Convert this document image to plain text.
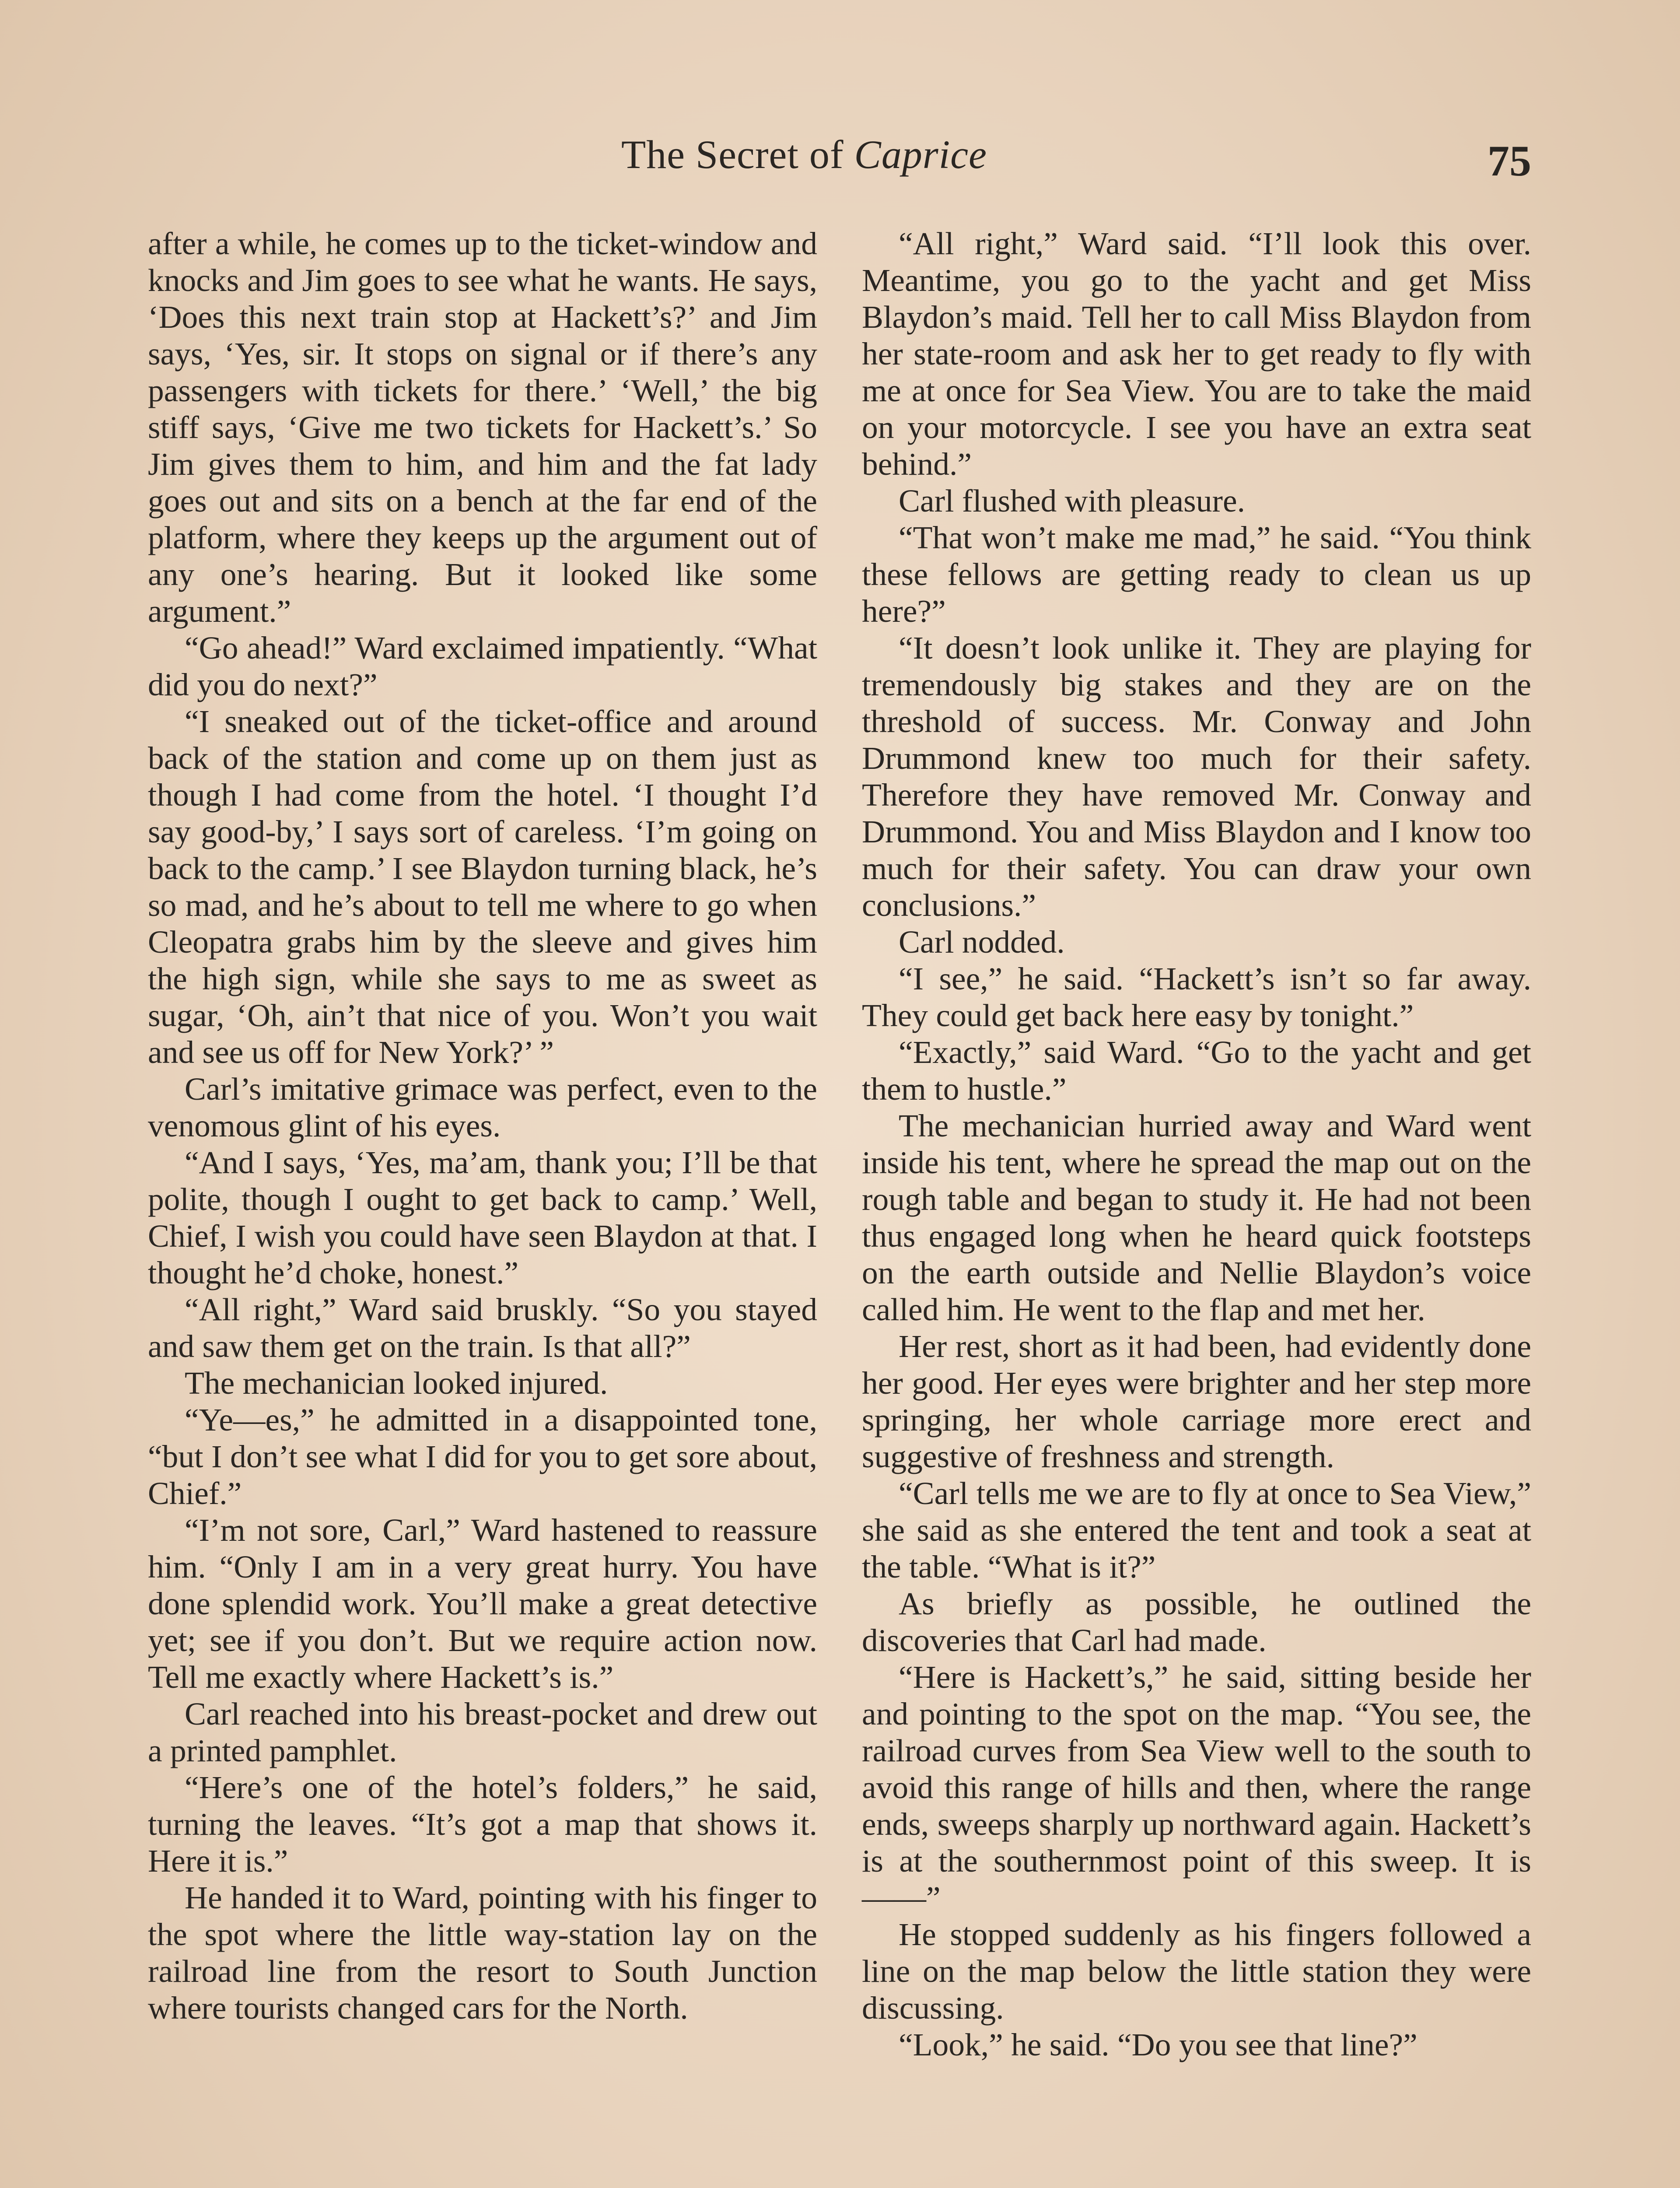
The Secret of Caprice	75

after a while, he comes up to the ticket-window and knocks and Jim goes to see what he wants. He says, ‘Does this next train stop at Hackett’s?’ and Jim says, ‘Yes, sir. It stops on signal or if there’s any passengers with tickets for there.’ ‘Well,’ the big stiff says, ‘Give me two tickets for Hackett’s.’ So Jim gives them to him, and him and the fat lady goes out and sits on a bench at the far end of the platform, where they keeps up the argument out of any one’s hearing. But it looked like some argument.”

“Go ahead!” Ward exclaimed impatiently. “What did you do next?”

“I sneaked out of the ticket-office and around back of the station and come up on them just as though I had come from the hotel. ‘I thought I’d say good-by,’ I says sort of careless. ‘I’m going on back to the camp.’ I see Blaydon turning black, he’s so mad, and he’s about to tell me where to go when Cleopatra grabs him by the sleeve and gives him the high sign, while she says to me as sweet as sugar, ‘Oh, ain’t that nice of you. Won’t you wait and see us off for New York?’ ”

Carl’s imitative grimace was perfect, even to the venomous glint of his eyes.

“And I says, ‘Yes, ma’am, thank you; I’ll be that polite, though I ought to get back to camp.’ Well, Chief, I wish you could have seen Blaydon at that. I thought he’d choke, honest.”

“All right,” Ward said bruskly. “So you stayed and saw them get on the train. Is that all?”

The mechanician looked injured.

“Ye—es,” he admitted in a disappointed tone, “but I don’t see what I did for you to get sore about, Chief.”

“I’m not sore, Carl,” Ward hastened to reassure him. “Only I am in a very great hurry. You have done splendid work. You’ll make a great detective yet; see if you don’t. But we require action now. Tell me exactly where Hackett’s is.”

Carl reached into his breast-pocket and drew out a printed pamphlet.

“Here’s one of the hotel’s folders,” he said, turning the leaves. “It’s got a map that shows it. Here it is.”

He handed it to Ward, pointing with his finger to the spot where the little way-station lay on the railroad line from the resort to South Junction where tourists changed cars for the North.

“All right,” Ward said. “I’ll look this over. Meantime, you go to the yacht and get Miss Blaydon’s maid. Tell her to call Miss Blaydon from her state-room and ask her to get ready to fly with me at once for Sea View. You are to take the maid on your motorcycle. I see you have an extra seat behind.”

Carl flushed with pleasure.

“That won’t make me mad,” he said. “You think these fellows are getting ready to clean us up here?”

“It doesn’t look unlike it. They are playing for tremendously big stakes and they are on the threshold of success. Mr. Conway and John Drummond knew too much for their safety. Therefore they have removed Mr. Conway and Drummond. You and Miss Blaydon and I know too much for their safety. You can draw your own conclusions.”

Carl nodded.

“I see,” he said. “Hackett’s isn’t so far away. They could get back here easy by tonight.”

“Exactly,” said Ward. “Go to the yacht and get them to hustle.”

The mechanician hurried away and Ward went inside his tent, where he spread the map out on the rough table and began to study it. He had not been thus engaged long when he heard quick footsteps on the earth outside and Nellie Blaydon’s voice called him. He went to the flap and met her.

Her rest, short as it had been, had evidently done her good. Her eyes were brighter and her step more springing, her whole carriage more erect and suggestive of freshness and strength.

“Carl tells me we are to fly at once to Sea View,” she said as she entered the tent and took a seat at the table. “What is it?”

As briefly as possible, he outlined the discoveries that Carl had made.

“Here is Hackett’s,” he said, sitting beside her and pointing to the spot on the map. “You see, the railroad curves from Sea View well to the south to avoid this range of hills and then, where the range ends, sweeps sharply up northward again. Hackett’s is at the southernmost point of this sweep. It is——”

He stopped suddenly as his fingers followed a line on the map below the little station they were discussing.

“Look,” he said. “Do you see that line?”
